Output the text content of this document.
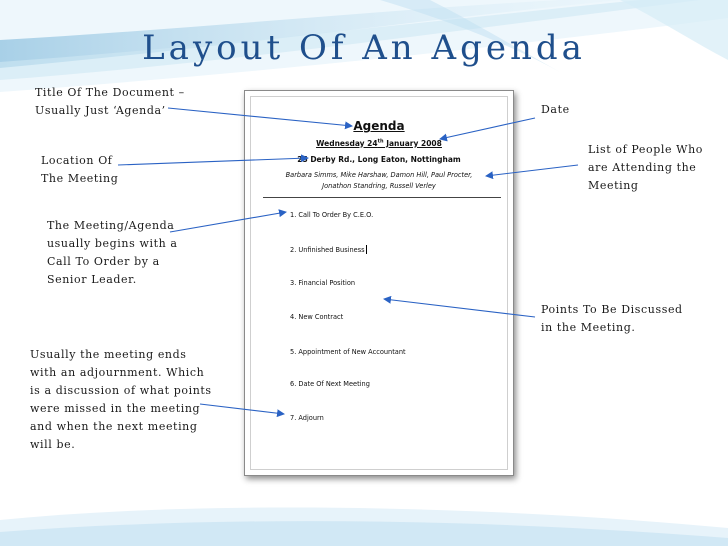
Layout Of An Agenda
Title Of The Document –
Usually Just ‘Agenda’
Location Of
The Meeting
The Meeting/Agenda
usually begins with a
Call To Order by a
Senior Leader.
Usually the meeting ends
with an adjournment. Which
is a discussion of what points
were missed in the meeting
and when the next meeting
will be.
Date
List of People Who
are Attending the
Meeting
Points To Be Discussed
in the Meeting.
Agenda
Wednesday 24th January 2008
25 Derby Rd., Long Eaton, Nottingham
Barbara Simms, Mike Harshaw, Damon Hill, Paul Procter,
Jonathon Standring, Russell Verley
1. Call To Order By C.E.O.
2. Unfinished Business
3. Financial Position
4. New Contract
5. Appointment of New Accountant
6. Date Of Next Meeting
7. Adjourn
